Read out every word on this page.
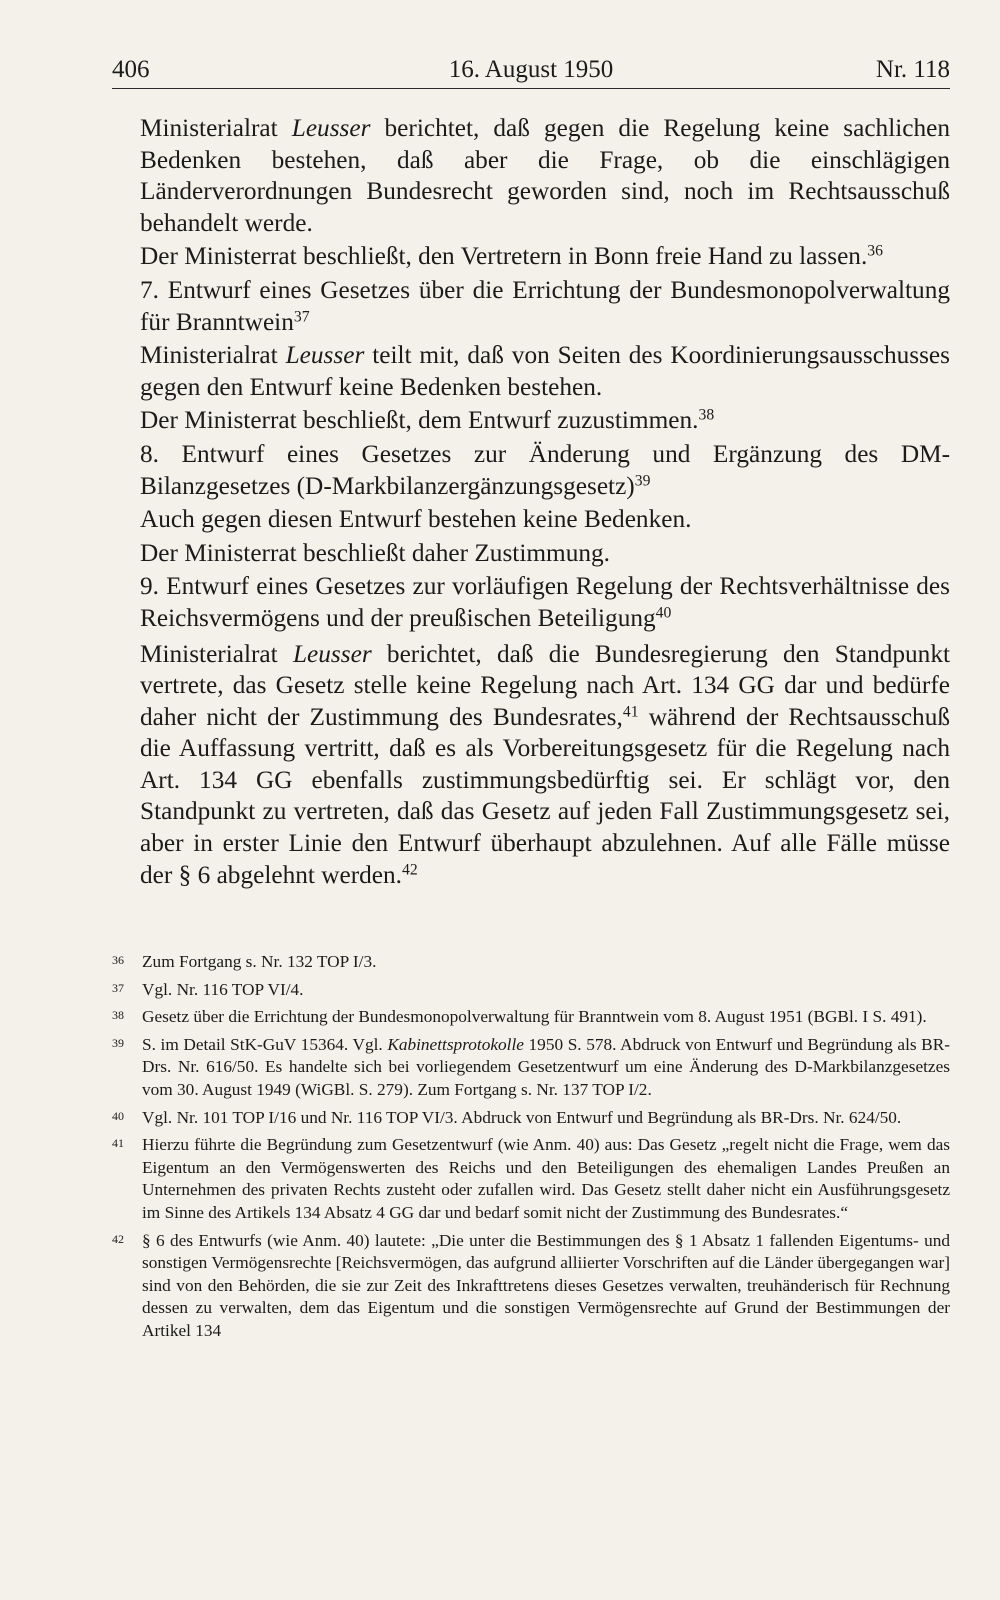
406	16. August 1950	Nr. 118

Ministerialrat Leusser berichtet, daß gegen die Regelung keine sachlichen Bedenken bestehen, daß aber die Frage, ob die einschlägigen Länderverordnungen Bundesrecht geworden sind, noch im Rechtsausschuß behandelt werde.

Der Ministerrat beschließt, den Vertretern in Bonn freie Hand zu lassen.$^{36}$

7. Entwurf eines Gesetzes über die Errichtung der Bundesmonopolverwaltung für Branntwein$^{37}$

Ministerialrat Leusser teilt mit, daß von Seiten des Koordinierungsausschusses gegen den Entwurf keine Bedenken bestehen.

Der Ministerrat beschließt, dem Entwurf zuzustimmen.$^{38}$

8. Entwurf eines Gesetzes zur Änderung und Ergänzung des DM-Bilanzgesetzes (D-Markbilanzergänzungsgesetz)$^{39}$

Auch gegen diesen Entwurf bestehen keine Bedenken.

Der Ministerrat beschließt daher Zustimmung.

9. Entwurf eines Gesetzes zur vorläufigen Regelung der Rechtsverhältnisse des Reichsvermögens und der preußischen Beteiligung$^{40}$

Ministerialrat Leusser berichtet, daß die Bundesregierung den Standpunkt vertrete, das Gesetz stelle keine Regelung nach Art. 134 GG dar und bedürfe daher nicht der Zustimmung des Bundesrates,$^{41}$ während der Rechtsausschuß die Auffassung vertritt, daß es als Vorbereitungsgesetz für die Regelung nach Art. 134 GG ebenfalls zustimmungsbedürftig sei. Er schlägt vor, den Standpunkt zu vertreten, daß das Gesetz auf jeden Fall Zustimmungsgesetz sei, aber in erster Linie den Entwurf überhaupt abzulehnen. Auf alle Fälle müsse der § 6 abgelehnt werden.$^{42}$

36	Zum Fortgang s. Nr. 132 TOP I/3.
37	Vgl. Nr. 116 TOP VI/4.
38	Gesetz über die Errichtung der Bundesmonopolverwaltung für Branntwein vom 8. August 1951 (BGBl. I S. 491).
39	S. im Detail StK-GuV 15364. Vgl. Kabinettsprotokolle 1950 S. 578. Abdruck von Entwurf und Begründung als BR-Drs. Nr. 616/50. Es handelte sich bei vorliegendem Gesetzentwurf um eine Änderung des D-Markbilanzgesetzes vom 30. August 1949 (WiGBl. S. 279). Zum Fortgang s. Nr. 137 TOP I/2.
40	Vgl. Nr. 101 TOP I/16 und Nr. 116 TOP VI/3. Abdruck von Entwurf und Begründung als BR-Drs. Nr. 624/50.
41	Hierzu führte die Begründung zum Gesetzentwurf (wie Anm. 40) aus: Das Gesetz „regelt nicht die Frage, wem das Eigentum an den Vermögenswerten des Reichs und den Beteiligungen des ehemaligen Landes Preußen an Unternehmen des privaten Rechts zusteht oder zufallen wird. Das Gesetz stellt daher nicht ein Ausführungsgesetz im Sinne des Artikels 134 Absatz 4 GG dar und bedarf somit nicht der Zustimmung des Bundesrates.“
42	§ 6 des Entwurfs (wie Anm. 40) lautete: „Die unter die Bestimmungen des § 1 Absatz 1 fallenden Eigentums- und sonstigen Vermögensrechte [Reichsvermögen, das aufgrund alliierter Vorschriften auf die Länder übergegangen war] sind von den Behörden, die sie zur Zeit des Inkrafttretens dieses Gesetzes verwalten, treuhänderisch für Rechnung dessen zu verwalten, dem das Eigentum und die sonstigen Vermögensrechte auf Grund der Bestimmungen der Artikel 134
